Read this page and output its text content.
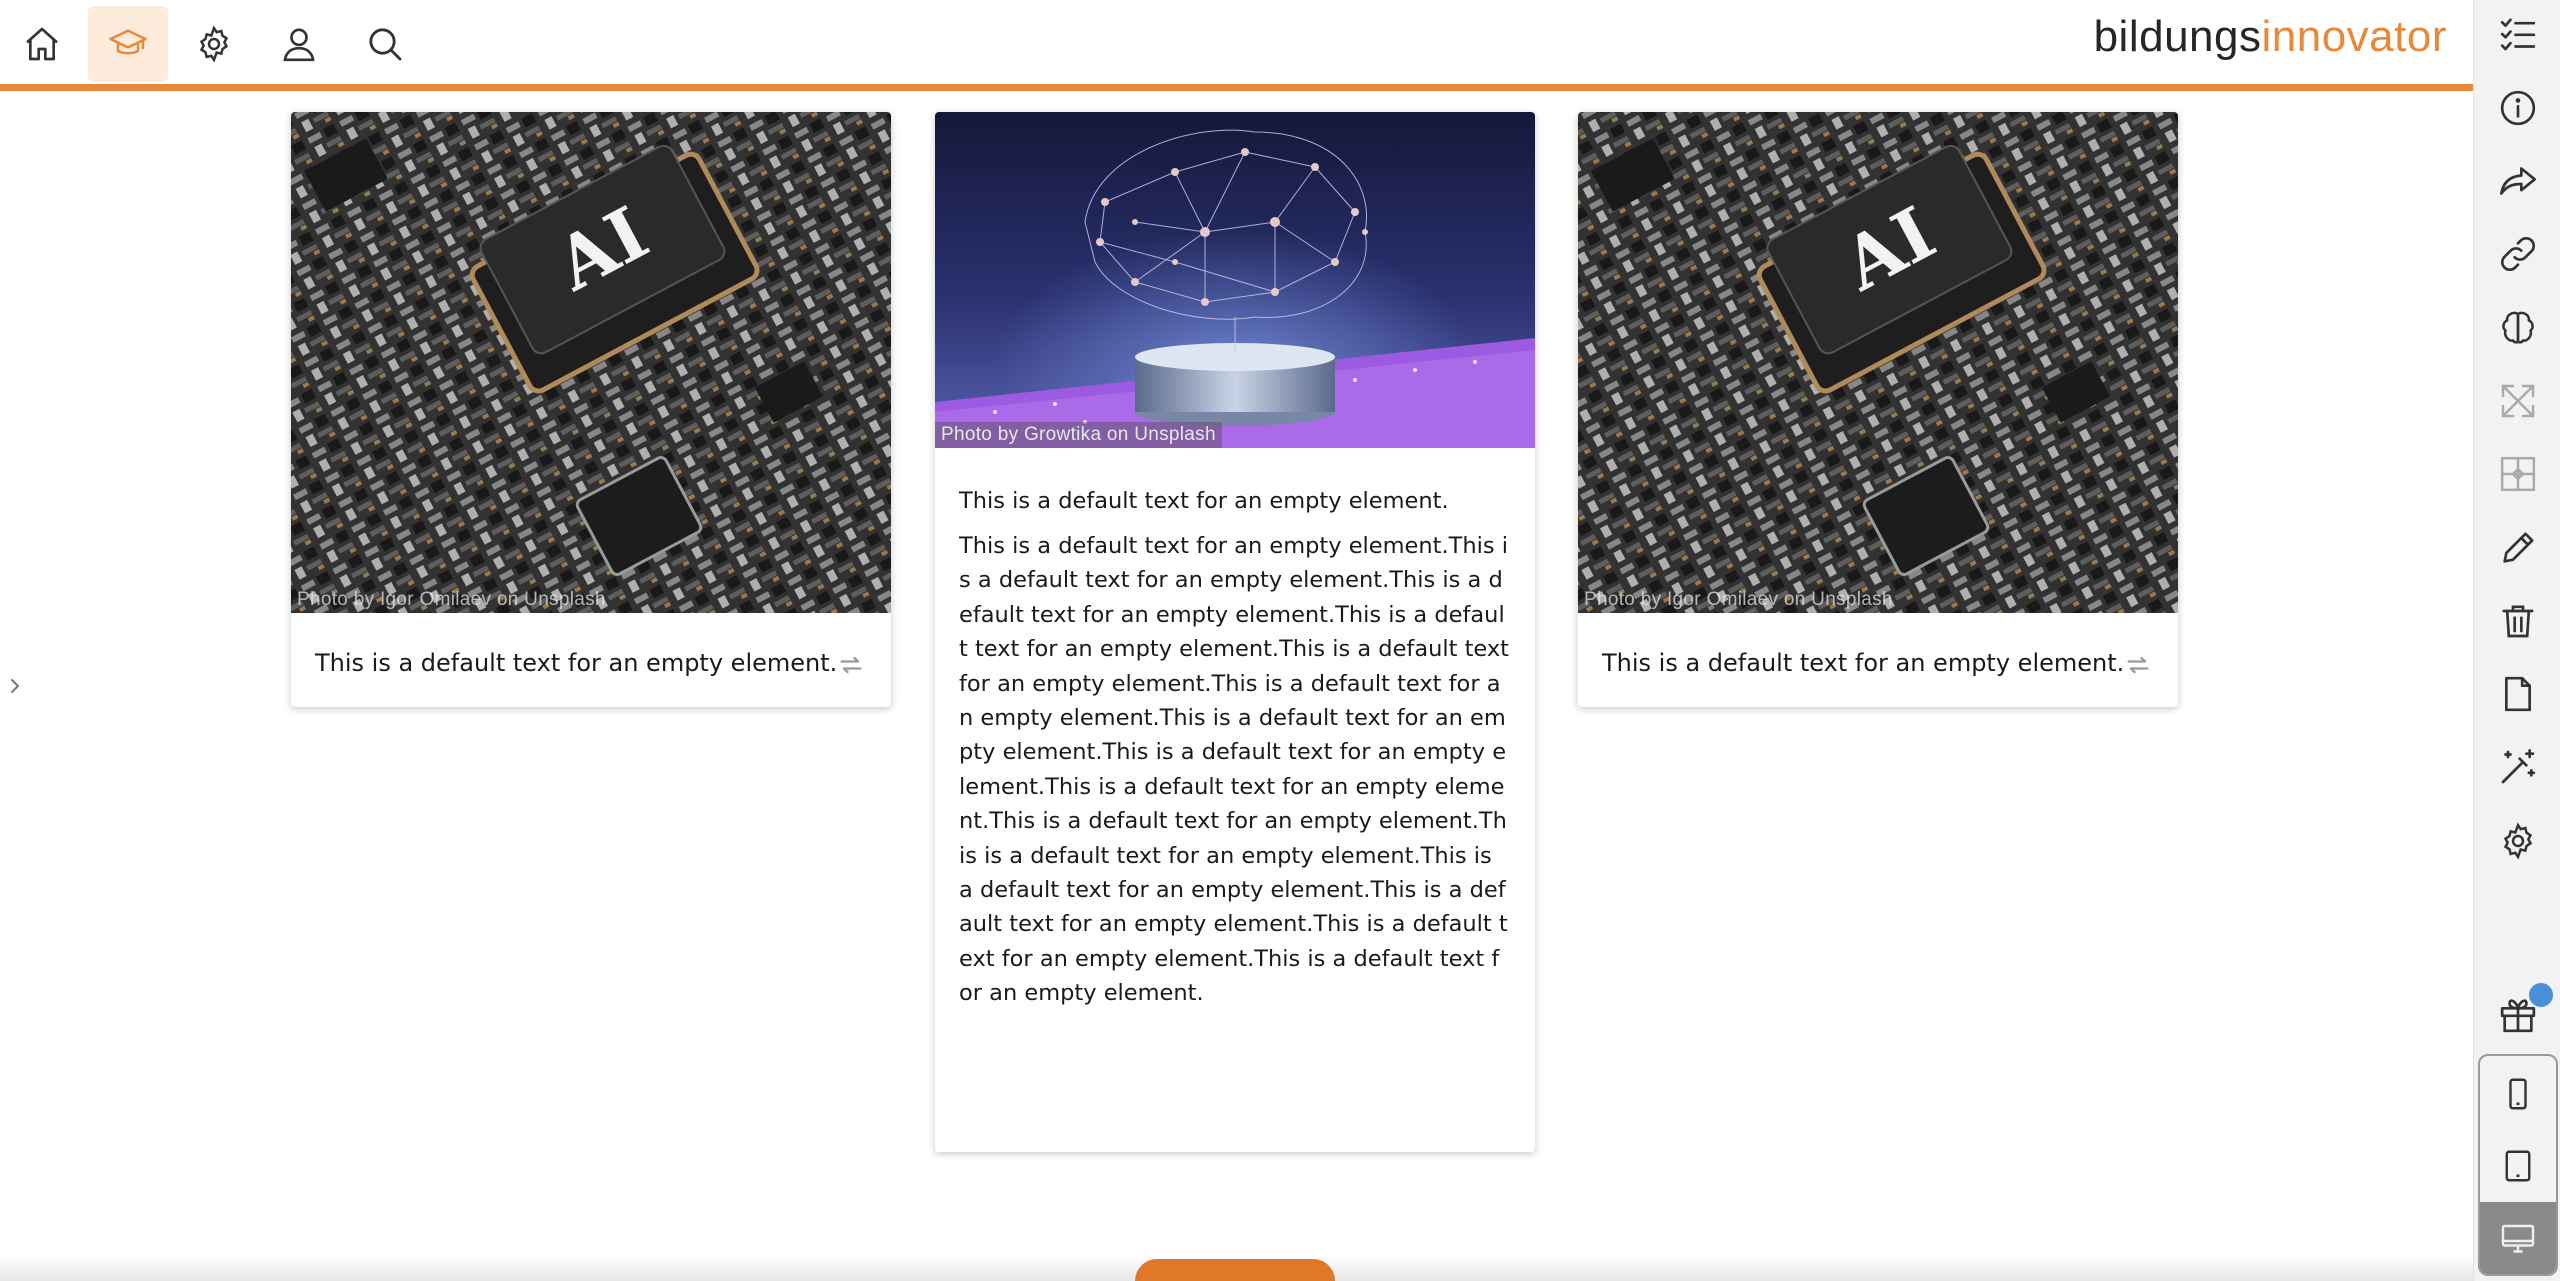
bildungs innovator
AI
Photo by Igor Omilaev on Unsplash
This is a default text for an empty element.
Photo by Growtika on Unsplash
This is a default text for an empty element.
This is a default text for an empty element.This is a default text for an empty element.This is a default text for an empty element.This is a default text for an empty element.This is a default text for an empty element.This is a default text for an empty element.This is a default text for an empty element.This is a default text for an empty element.This is a default text for an empty element.This is a default text for an empty element.This is a default text for an empty element.This is a default text for an empty element.This is a default text for an empty element.This is a default text for an empty element.This is a default text for an empty element.
AI
Photo by Igor Omilaev on Unsplash
This is a default text for an empty element.
